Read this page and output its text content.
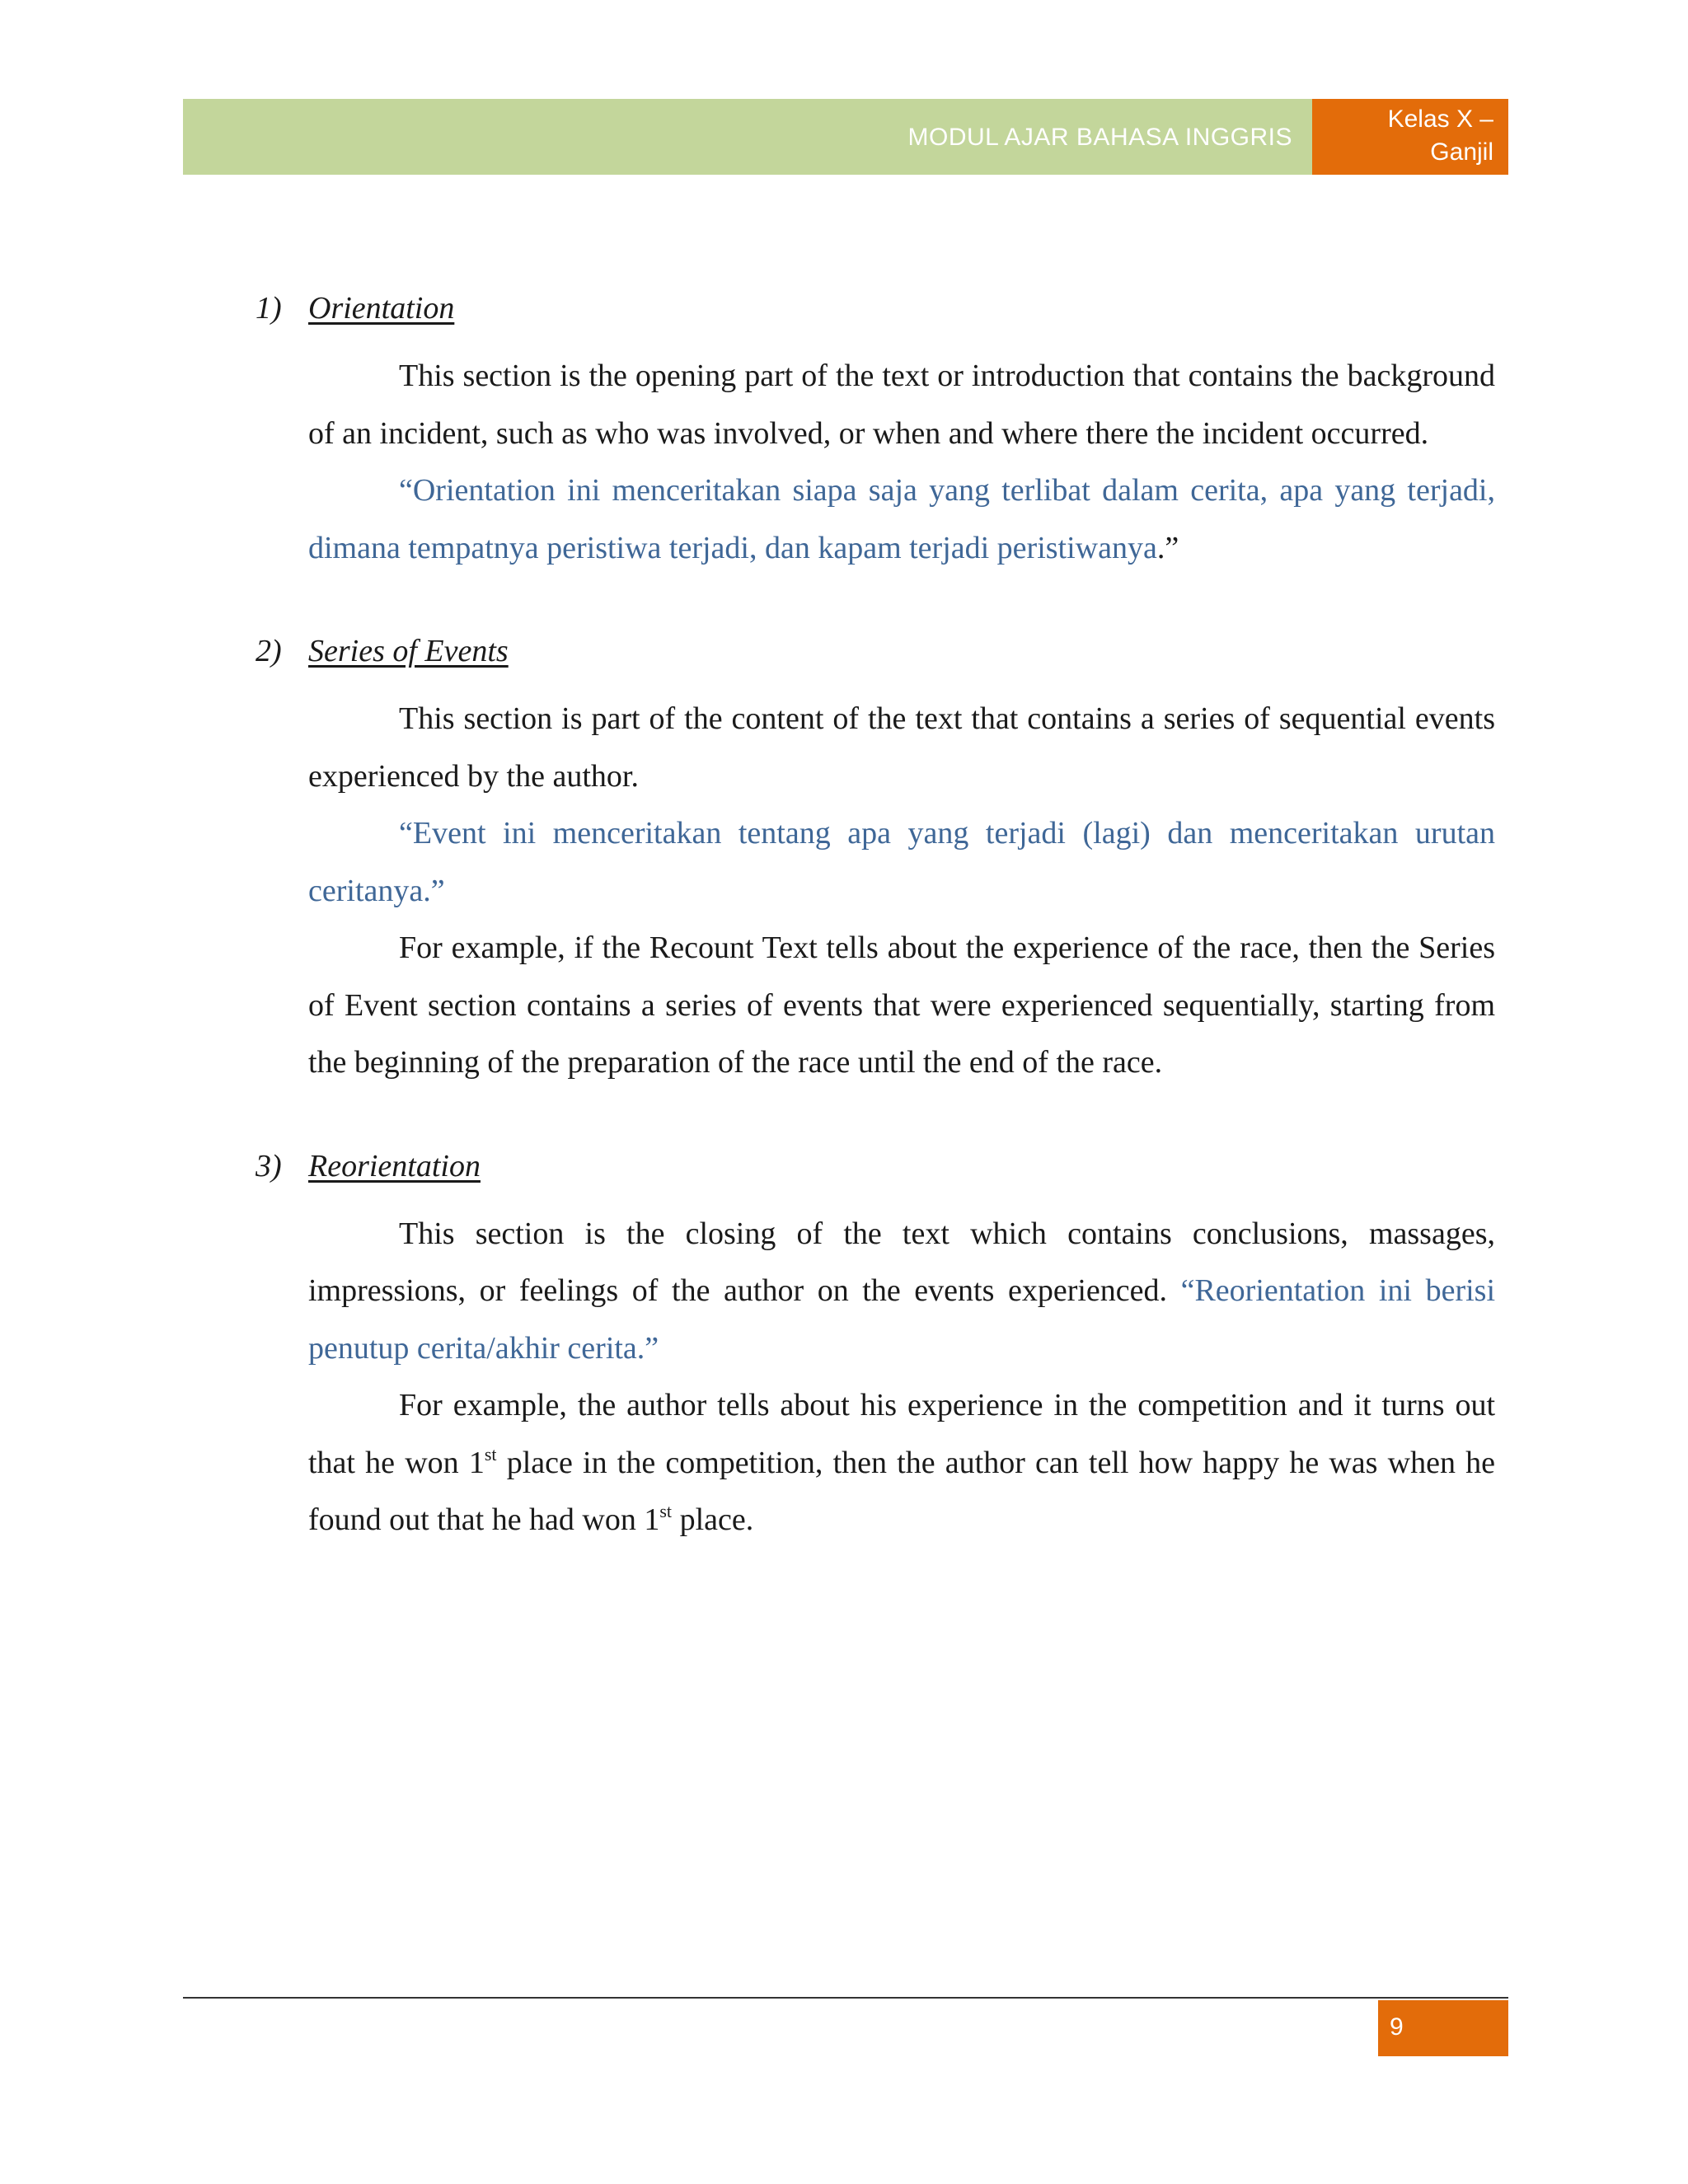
MODUL AJAR BAHASA INGGRIS
Kelas X –
Ganjil
1) Orientation

This section is the opening part of the text or introduction that contains the background of an incident, such as who was involved, or when and where there the incident occurred.

“Orientation ini menceritakan siapa saja yang terlibat dalam cerita, apa yang terjadi, dimana tempatnya peristiwa terjadi, dan kapam terjadi peristiwanya.”

2) Series of Events

This section is part of the content of the text that contains a series of sequential events experienced by the author.

“Event ini menceritakan tentang apa yang terjadi (lagi) dan menceritakan urutan ceritanya.”

For example, if the Recount Text tells about the experience of the race, then the Series of Event section contains a series of events that were experienced sequentially, starting from the beginning of the preparation of the race until the end of the race.

3) Reorientation

This section is the closing of the text which contains conclusions, massages, impressions, or feelings of the author on the events experienced. “Reorientation ini berisi penutup cerita/akhir cerita.”

For example, the author tells about his experience in the competition and it turns out that he won 1st place in the competition, then the author can tell how happy he was when he found out that he had won 1st place.

9
